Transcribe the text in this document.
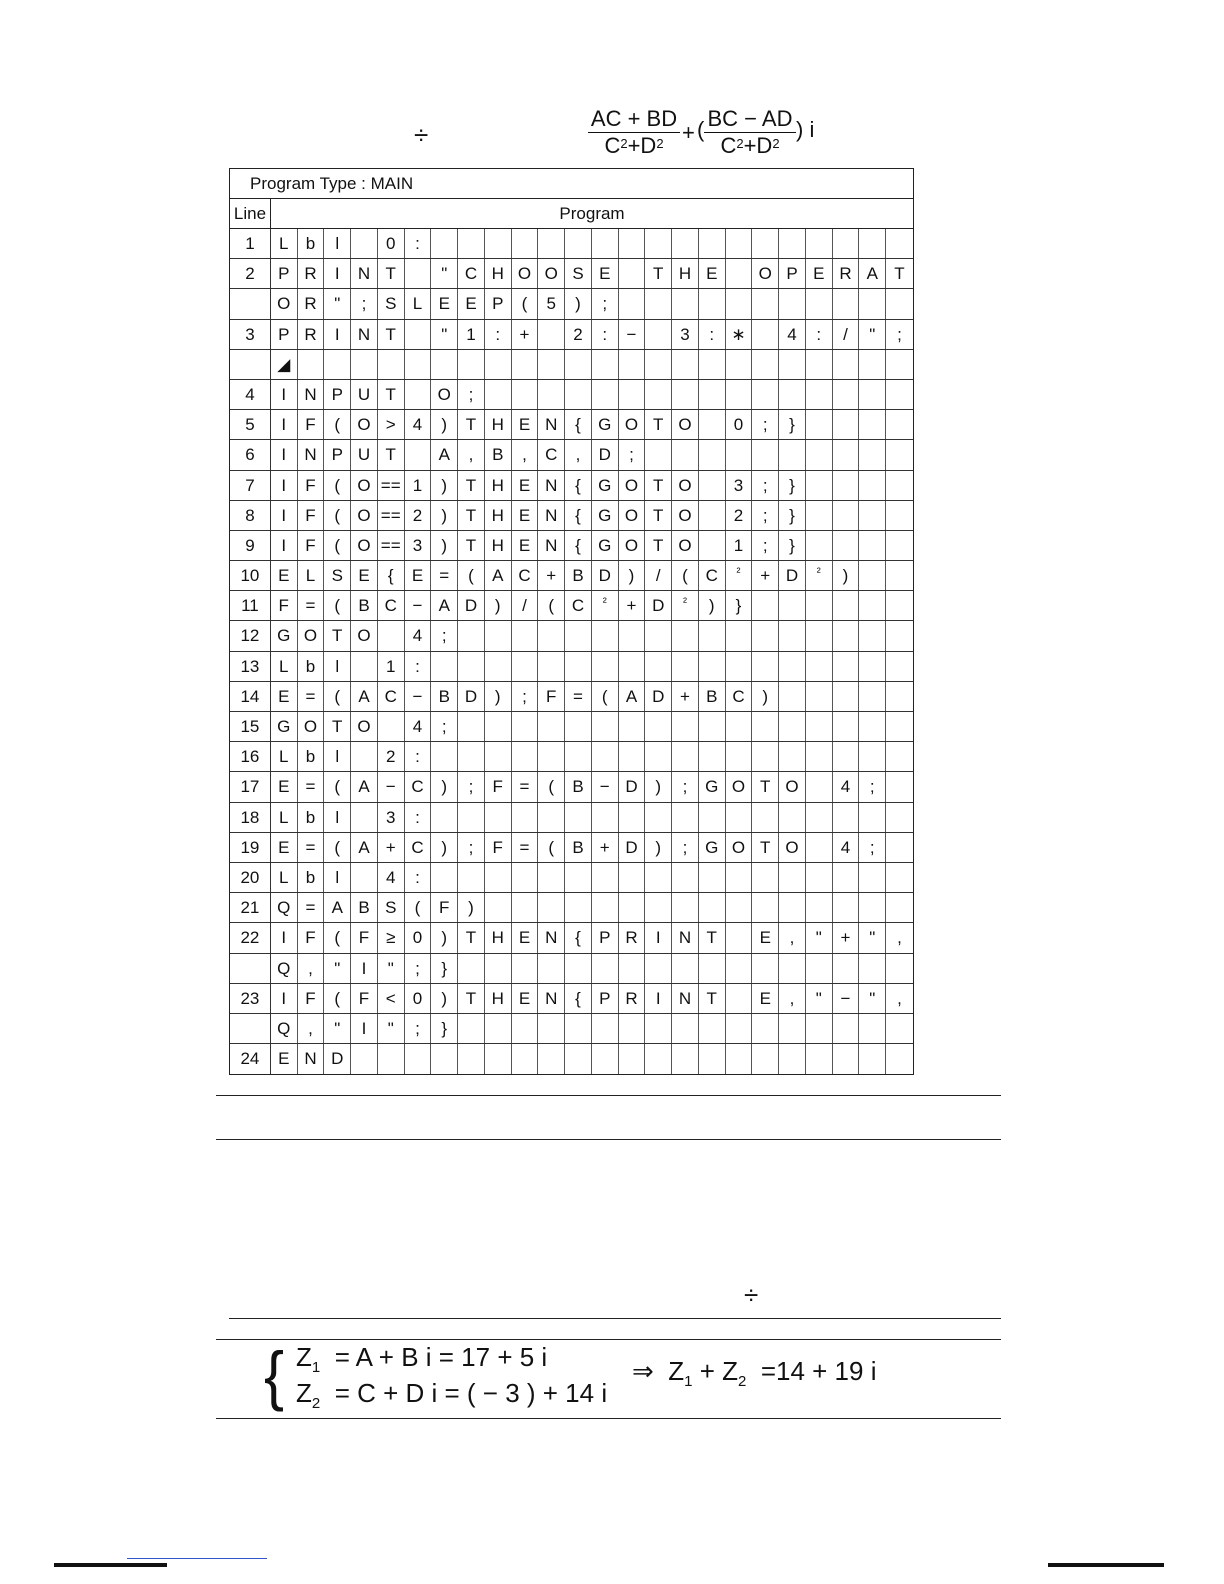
÷	$\frac{AC + BD}{C^2+D^2}$ + ( $\frac{BC - AD}{C^2+D^2}$ ) i
Program Type : MAIN
Line	Program
1	L	b	l	0	:
2	P R	I	N T	"	C H O O S E	T H E	O P E R A T
O R	"	;	S L E E P	(	5	)	;
3	P R	I	N T	"	1	:	+	2	:	−	3	:	∗	4	:	/	"	;
◢
4	I	N P U T	O	;
5	I	F	(	O >	4	)	T H E N	{	G O T O	0	;	}
6	I	N P U T	A	,	B	,	C	,	D	;
7	I	F	(	O == 1	)	T H E N	{	G O T O	3	;	}
8	I	F	(	O == 2	)	T H E N	{	G O T O	2	;	}
9	I	F	(	O == 3	)	T H E N	{	G O T O	1	;	}
10	E L S E	{	E =	(	A C + B D	)	/	(	C	²	+ D	²	)
11	F =	(	B C − A D	)	/	(	C	²	+ D	²	)	}
12	G O T O	4	;
13	L	b	l	1	:
14	E =	(	A C − B D	)	;	F =	(	A D + B C	)
15	G O T O	4	;
16	L	b	l	2	:
17	E =	(	A − C	)	;	F =	(	B − D	)	;	G O T O	4	;
18	L	b	l	3	:
19	E =	(	A + C	)	;	F =	(	B + D	)	;	G O T O	4	;
20	L	b	l	4	:
21	Q = A B S	(	F	)
22	I	F	(	F ≥	0	)	T H E N	{	P R	I	N T	E	,	"	+	"	,
Q	,	"	I	"	;	}
23	I	F	(	F <	0	)	T H E N	{	P R	I	N T	E	,	"	−	"	,
Q	,	"	I	"	;	}
24	E N D
÷
{ $Z_1 = A + B$ i = 17 + 5 i
$Z_2 = C + D$ i = ( − 3 ) + 14 i
⇒ $Z_1 + Z_2 =14 + 19$ i
